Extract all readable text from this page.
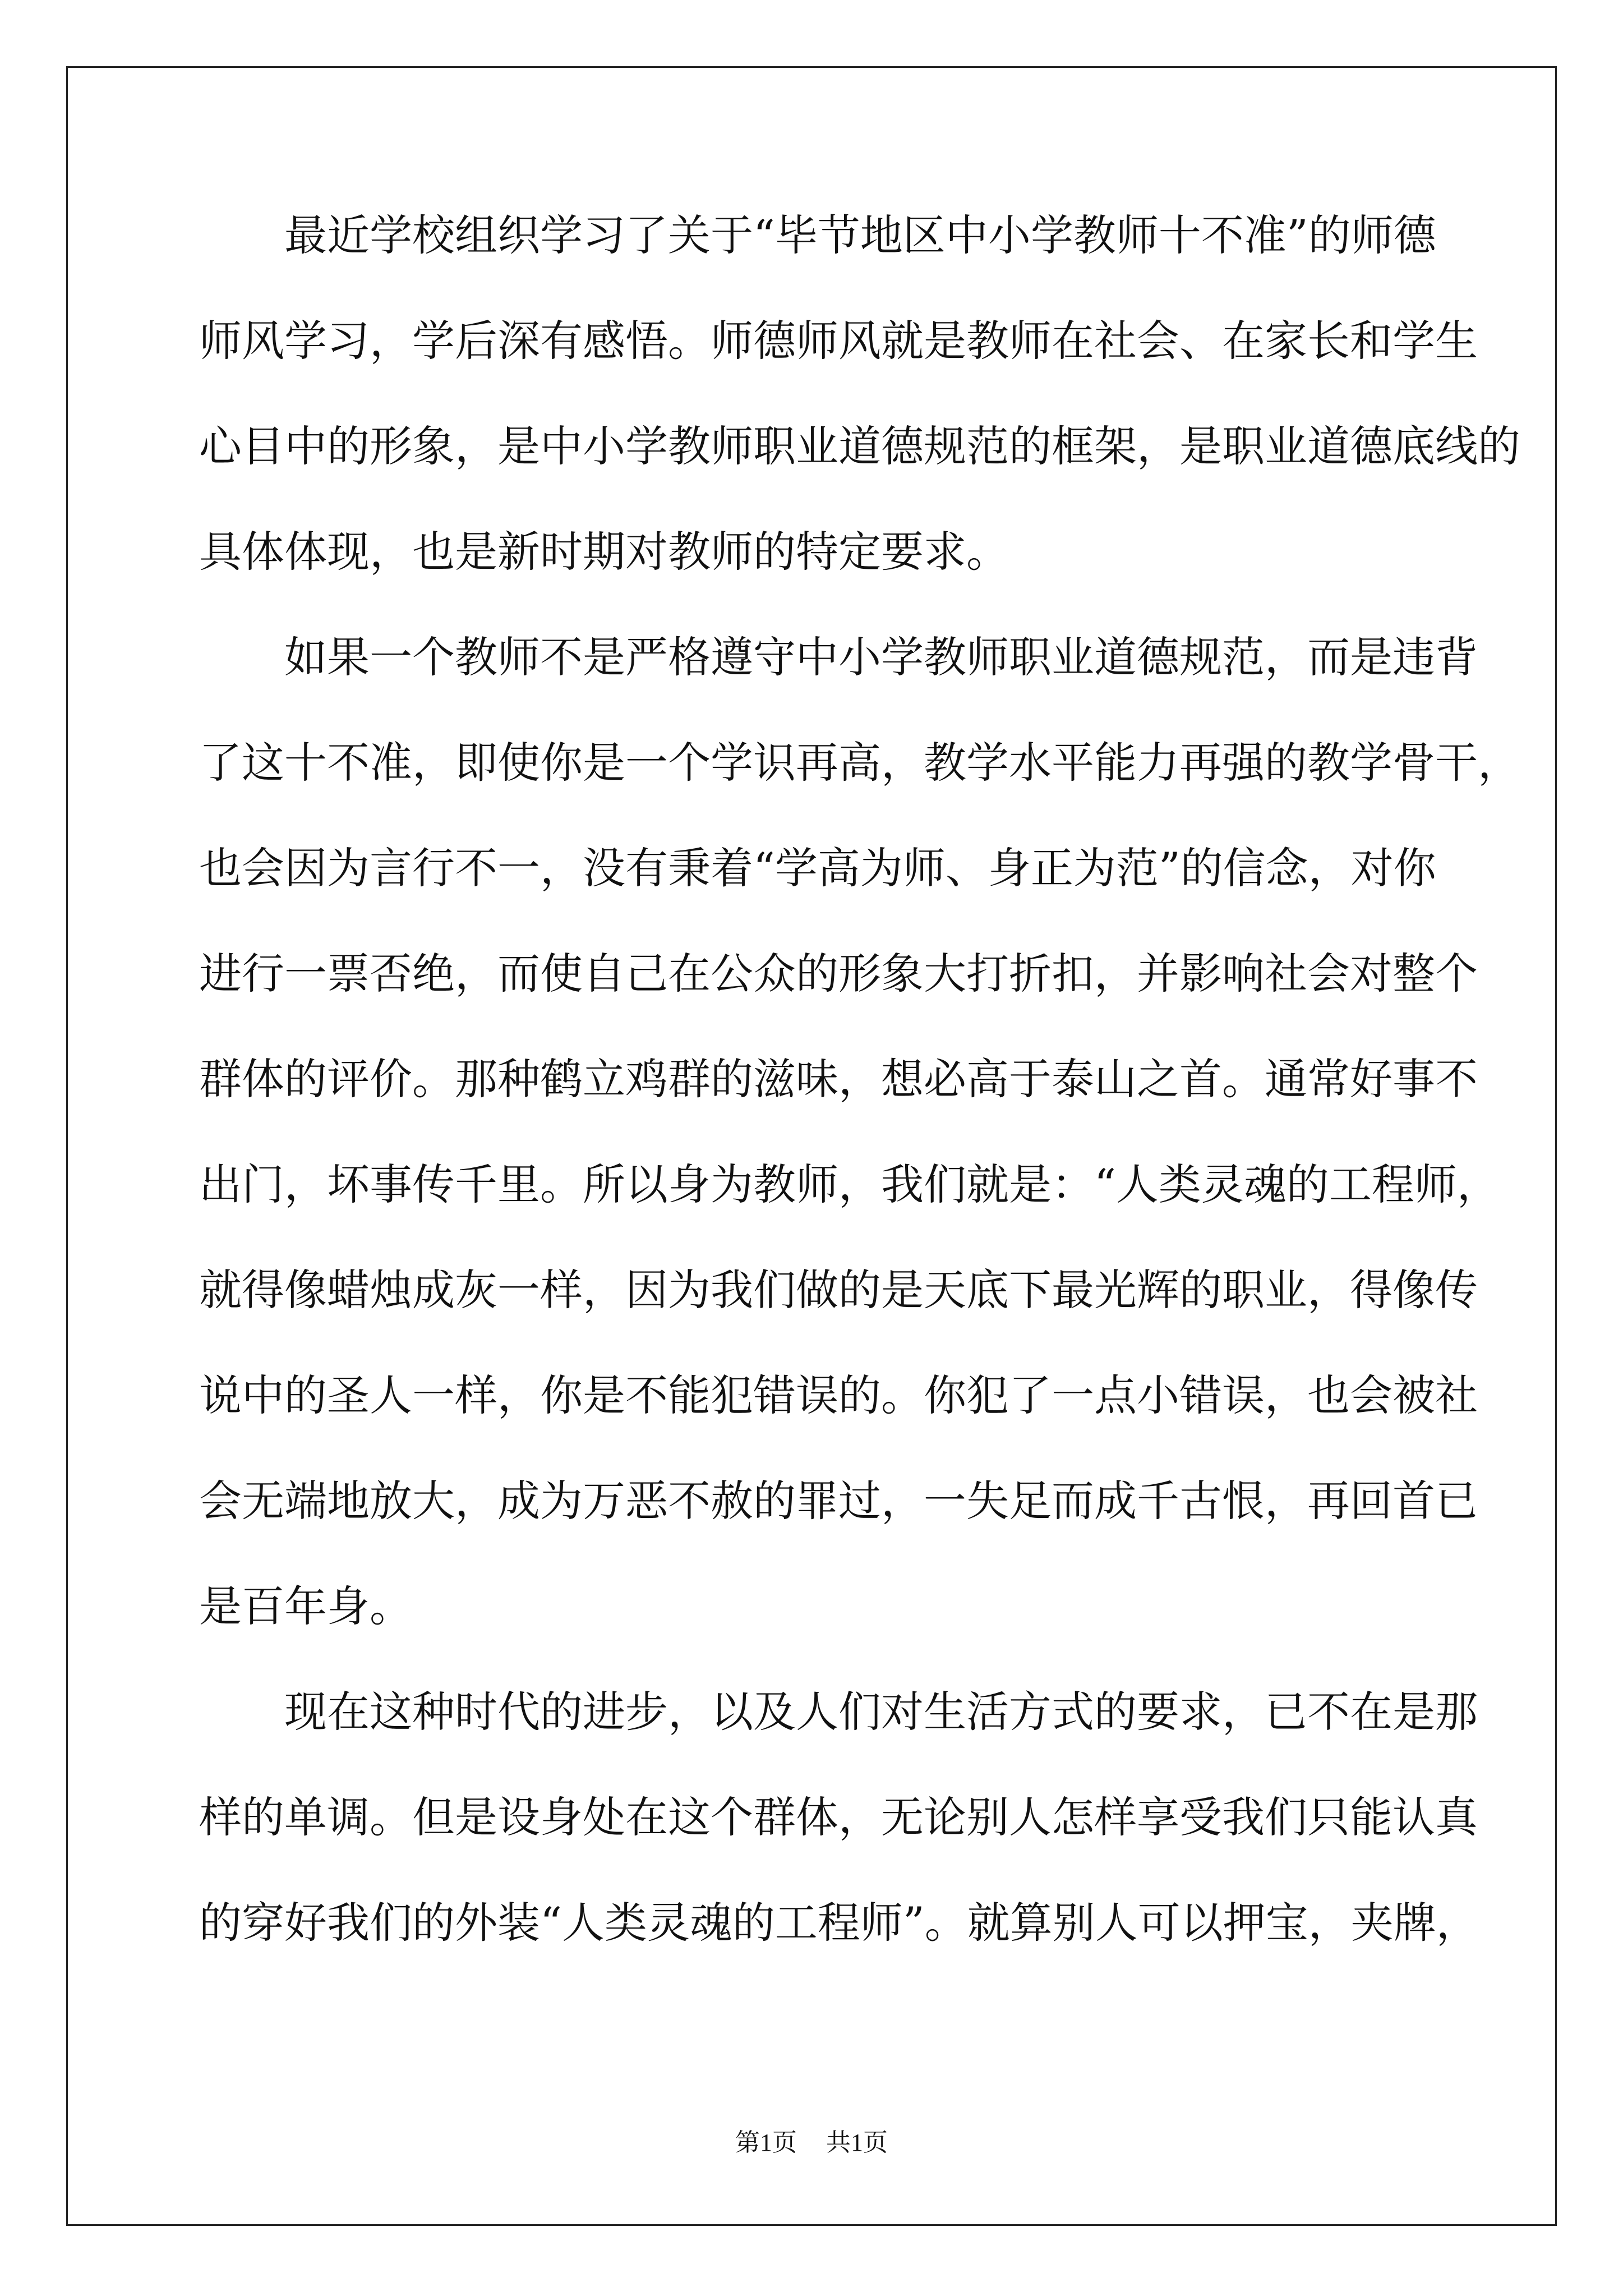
最近学校组织学习了关于“毕节地区中小学教师十不准”的师德
师风学习，学后深有感悟。师德师风就是教师在社会、在家长和学生
心目中的形象，是中小学教师职业道德规范的框架，是职业道德底线的
具体体现，也是新时期对教师的特定要求。
如果一个教师不是严格遵守中小学教师职业道德规范，而是违背
了这十不准，即使你是一个学识再高，教学水平能力再强的教学骨干，
也会因为言行不一，没有秉着“学高为师、身正为范”的信念，对你
进行一票否绝，而使自己在公众的形象大打折扣，并影响社会对整个
群体的评价。那种鹤立鸡群的滋味，想必高于泰山之首。通常好事不
出门，坏事传千里。所以身为教师，我们就是：“人类灵魂的工程师，
就得像蜡烛成灰一样，因为我们做的是天底下最光辉的职业，得像传
说中的圣人一样，你是不能犯错误的。你犯了一点小错误，也会被社
会无端地放大，成为万恶不赦的罪过，一失足而成千古恨，再回首已
是百年身。
现在这种时代的进步，以及人们对生活方式的要求，已不在是那
样的单调。但是设身处在这个群体，无论别人怎样享受我们只能认真
的穿好我们的外装“人类灵魂的工程师”。就算别人可以押宝，夹牌，
第1页 共1页
